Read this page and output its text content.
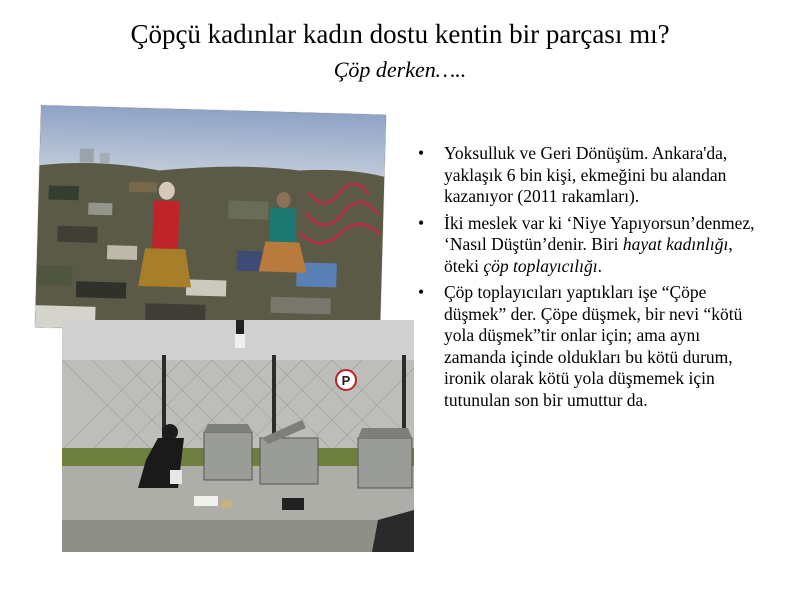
Çöpçü kadınlar kadın dostu kentin bir parçası mı?
Çöp derken…..
P
• Yoksulluk ve Geri Dönüşüm. Ankara'da, yaklaşık 6 bin kişi, ekmeğini bu alandan kazanıyor (2011 rakamları).
• İki meslek var ki ‘Niye Yapıyorsun’denmez, ‘Nasıl Düştün’denir. Biri hayat kadınlığı, öteki çöp toplayıcılığı.
• Çöp toplayıcıları yaptıkları işe “Çöpe düşmek” der. Çöpe düşmek, bir nevi “kötü yola düşmek”tir onlar için; ama aynı zamanda içinde oldukları bu kötü durum, ironik olarak kötü yola düşmemek için tutunulan son bir umuttur da.
